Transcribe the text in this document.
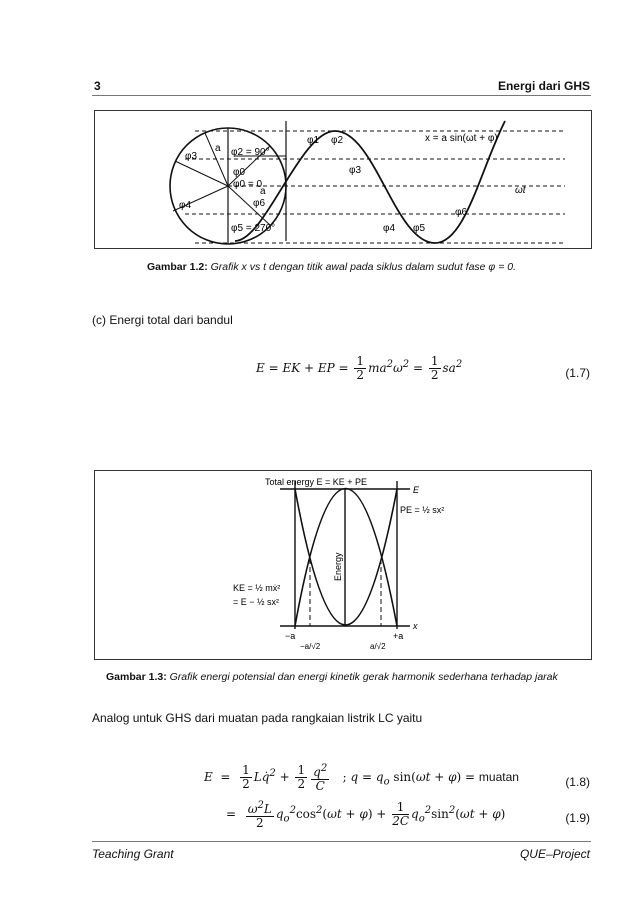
3	Energi dari GHS
x = a sin(ωt + φ)
ωt
a
a
φ3
φ4
φ0
φ1 φ2
φ3
φ4 φ5
φ6
φ6
φ2 = 90°
φ0 = 0
φ5 = 270°
Gambar 1.2: Grafik x vs t dengan titik awal pada siklus dalam sudut fase φ = 0.
(c) Energi total dari bandul
E = EK + EP = $\frac{1}{2} ma^2\omega^2 = \frac{1}{2} sa^2$
(1.7)
Total energy E = KE + PE
E
PE = ½ sx²
KE = ½ mẋ²
= E − ½ sx²
Energy
x
−a	+a
−a/√2	a/√2
Gambar 1.3: Grafik energi potensial dan energi kinetik gerak harmonik sederhana terhadap jarak
Analog untuk GHS dari muatan pada rangkaian listrik LC yaitu
$E = \frac{1}{2}$ Lq̇$^2$ + $\frac{1}{2} \frac{q^2}{C}$ ; $q = q_o$ sin(ωt + φ) = muatan	(1.8)
= $\frac{\omega^2L}{2} q_o^2\cos^2(\omega t + \varphi) + \frac{1}{2C} q_o^2\sin^2(\omega t + \varphi)$	(1.9)
Teaching Grant	QUE–Project
